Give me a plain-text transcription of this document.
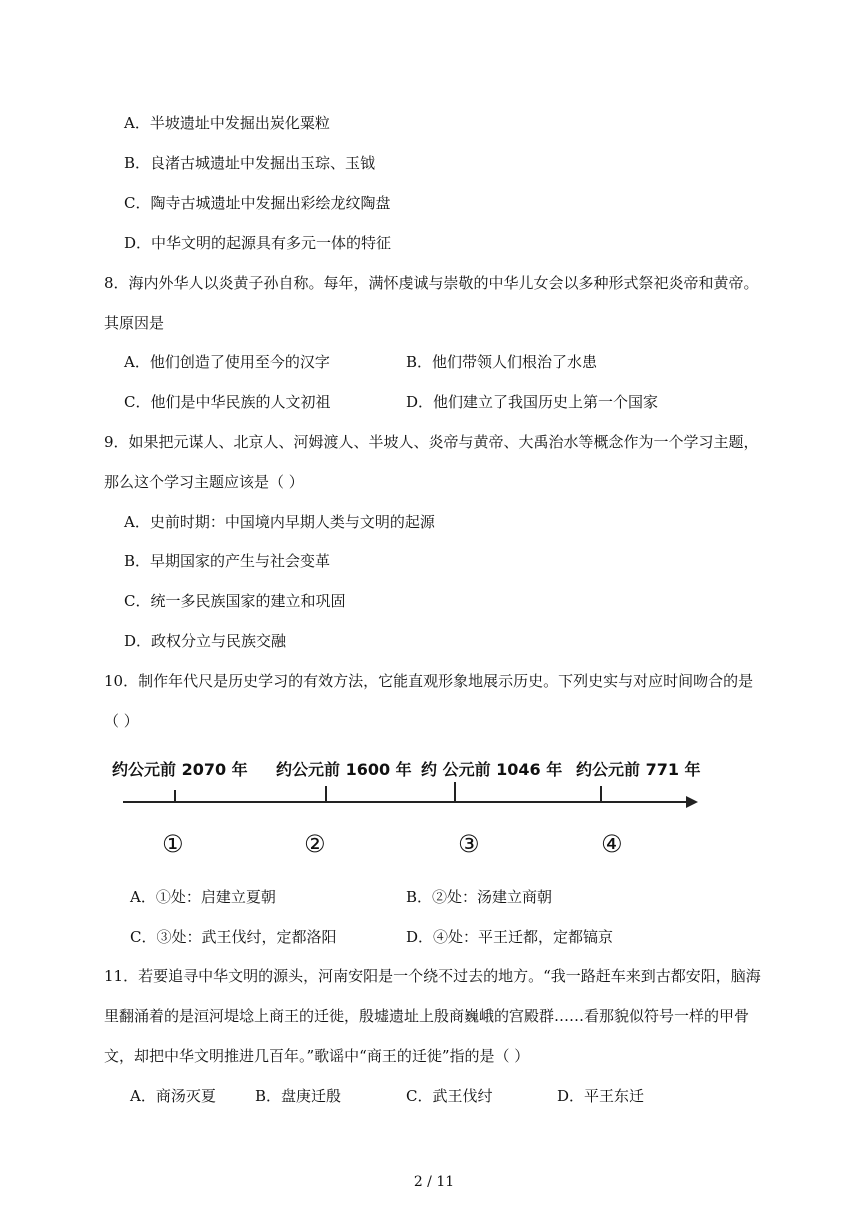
A．半坡遗址中发掘出炭化粟粒
B．良渚古城遗址中发掘出玉琮、玉钺
C．陶寺古城遗址中发掘出彩绘龙纹陶盘
D．中华文明的起源具有多元一体的特征
8．海内外华人以炎黄子孙自称。每年，满怀虔诚与崇敬的中华儿女会以多种形式祭祀炎帝和黄帝。
其原因是
A．他们创造了使用至今的汉字	B．他们带领人们根治了水患
C．他们是中华民族的人文初祖	D．他们建立了我国历史上第一个国家
9．如果把元谋人、北京人、河姆渡人、半坡人、炎帝与黄帝、大禹治水等概念作为一个学习主题，
那么这个学习主题应该是（ ）
A．史前时期：中国境内早期人类与文明的起源
B．早期国家的产生与社会变革
C．统一多民族国家的建立和巩固
D．政权分立与民族交融
10．制作年代尺是历史学习的有效方法，它能直观形象地展示历史。下列史实与对应时间吻合的是
（ ）
约公元前 2070 年 约公元前 1600 年 约 公元前 1046 年 约公元前 771 年
①	②	③	④
A．①处：启建立夏朝	B．②处：汤建立商朝
C．③处：武王伐纣，定都洛阳	D．④处：平王迁都，定都镐京
11．若要追寻中华文明的源头，河南安阳是一个绕不过去的地方。“我一路赶车来到古都安阳，脑海
里翻涌着的是洹河堤埝上商王的迁徙，殷墟遗址上殷商巍峨的宫殿群……看那貌似符号一样的甲骨
文，却把中华文明推进几百年。”歌谣中“商王的迁徙”指的是（ ）
A．商汤灭夏	B．盘庚迁殷	C．武王伐纣	D．平王东迁
2 / 11
